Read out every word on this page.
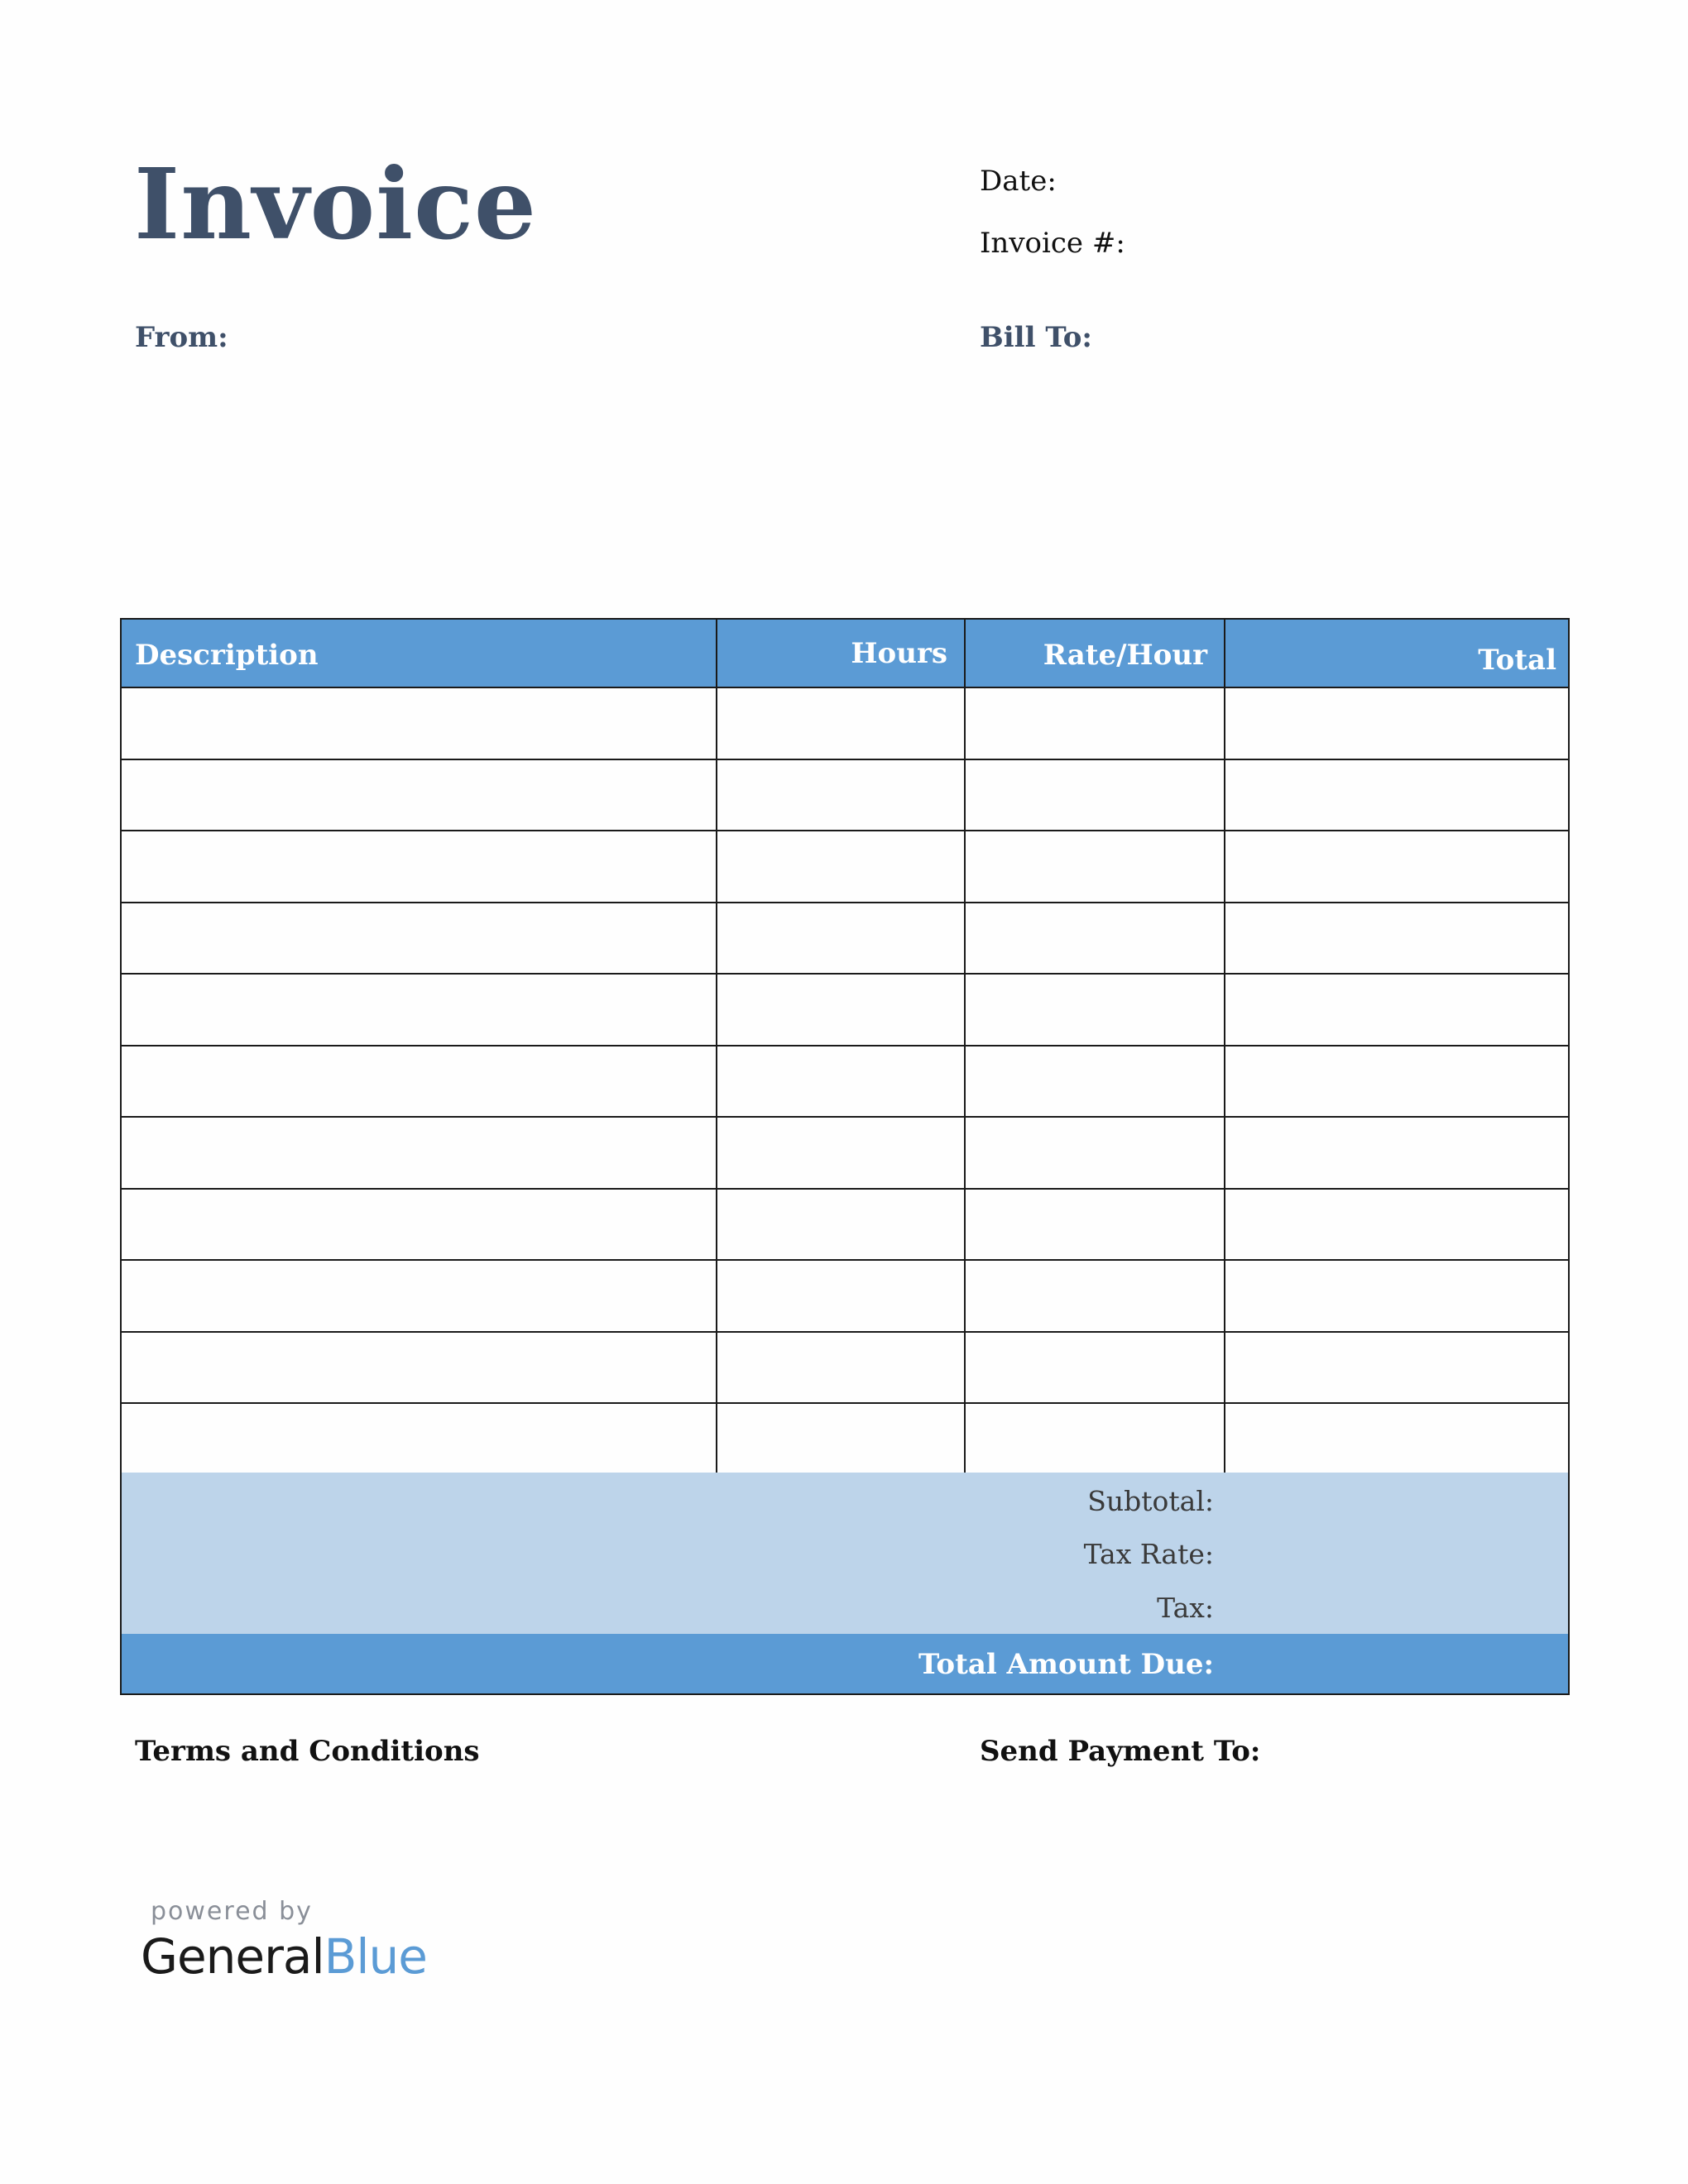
Invoice	Date:
Invoice #:
From:	Bill To:
Description	Hours	Rate/Hour	Total
Subtotal:
Tax Rate:
Tax:
Total Amount Due:
Terms and Conditions	Send Payment To:
powered by
GeneralBlue
